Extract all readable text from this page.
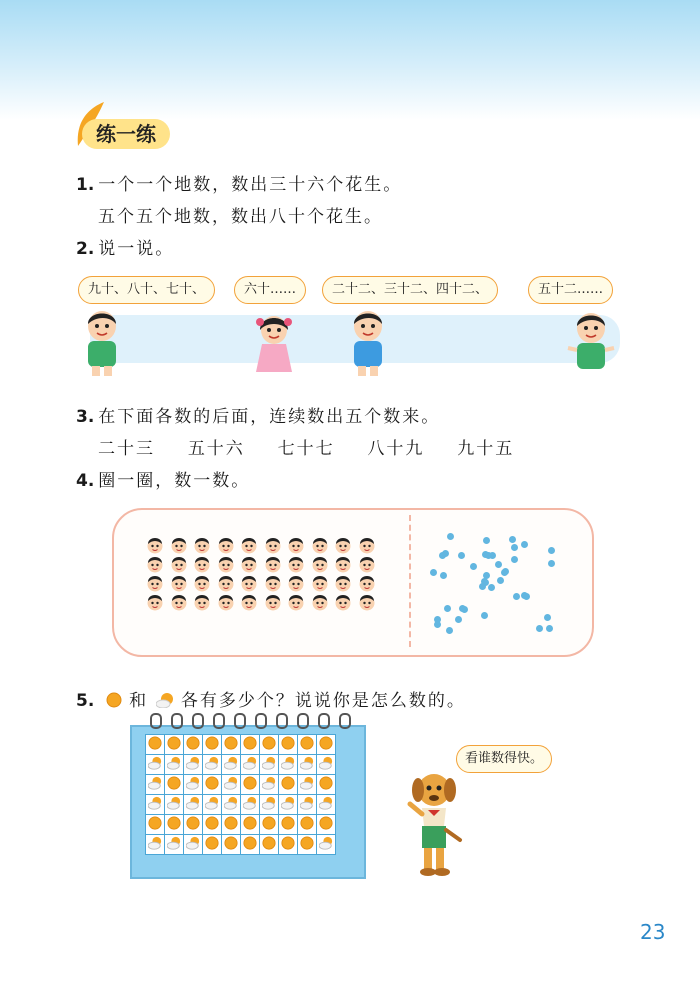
练一练
1. 一个一个地数，数出三十六个花生。
五个五个地数，数出八十个花生。
2. 说一说。
九十、八十、七十、	六十……	二十二、三十二、四十二、	五十二……
3. 在下面各数的后面，连续数出五个数来。
二十三 五十六 七十七 八十九 九十五
4. 圈一圈，数一数。
5. 和 各有多少个？说说你是怎么数的。

看谁数得快。
23
